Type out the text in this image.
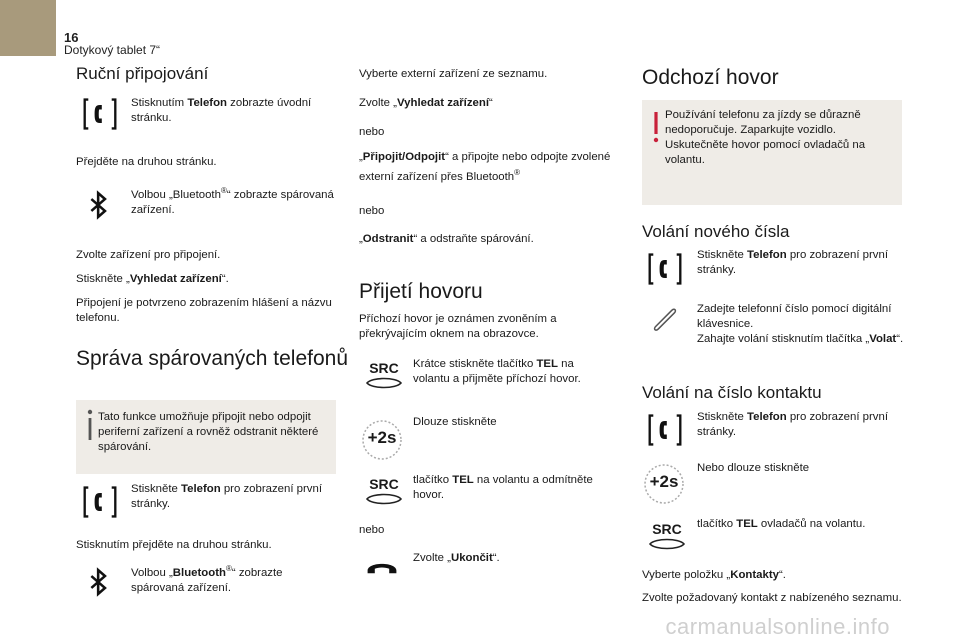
16
Dotykový tablet 7“
Ruční připojování
Stisknutím Telefon zobrazte úvodní stránku.
Přejděte na druhou stránku.
Volbou „Bluetooth®“ zobrazte spárovaná zařízení.
Zvolte zařízení pro připojení.
Stiskněte „Vyhledat zařízení“.
Připojení je potvrzeno zobrazením hlášení a názvu telefonu.
Správa spárovaných telefonů
Tato funkce umožňuje připojit nebo odpojit periferní zařízení a rovněž odstranit některé spárování.
Stiskněte Telefon pro zobrazení první stránky.
Stisknutím přejděte na druhou stránku.
Volbou „Bluetooth®“ zobrazte spárovaná zařízení.
Vyberte externí zařízení ze seznamu.
Zvolte „Vyhledat zařízení“
nebo
„Připojit/Odpojit“ a připojte nebo odpojte zvolené externí zařízení přes Bluetooth®
nebo
„Odstranit“ a odstraňte spárování.
Přijetí hovoru
Příchozí hovor je oznámen zvoněním a překrývajícím oknem na obrazovce.
SRC	Krátce stiskněte tlačítko TEL na volantu a přijměte příchozí hovor.
+2s
Dlouze stiskněte
SRC	tlačítko TEL na volantu a odmítněte hovor.
nebo
Zvolte „Ukončit“.
Odchozí hovor
Používání telefonu za jízdy se důrazně nedoporučuje. Zaparkujte vozidlo. Uskutečněte hovor pomocí ovladačů na volantu.
Volání nového čísla
Stiskněte Telefon pro zobrazení první stránky.
Zadejte telefonní číslo pomocí digitální klávesnice.
Zahajte volání stisknutím tlačítka „Volat“.
Volání na číslo kontaktu
Stiskněte Telefon pro zobrazení první stránky.
+2s
Nebo dlouze stiskněte
SRC	tlačítko TEL ovladačů na volantu.
Vyberte položku „Kontakty“.
Zvolte požadovaný kontakt z nabízeného seznamu.
carmanualsonline.info
